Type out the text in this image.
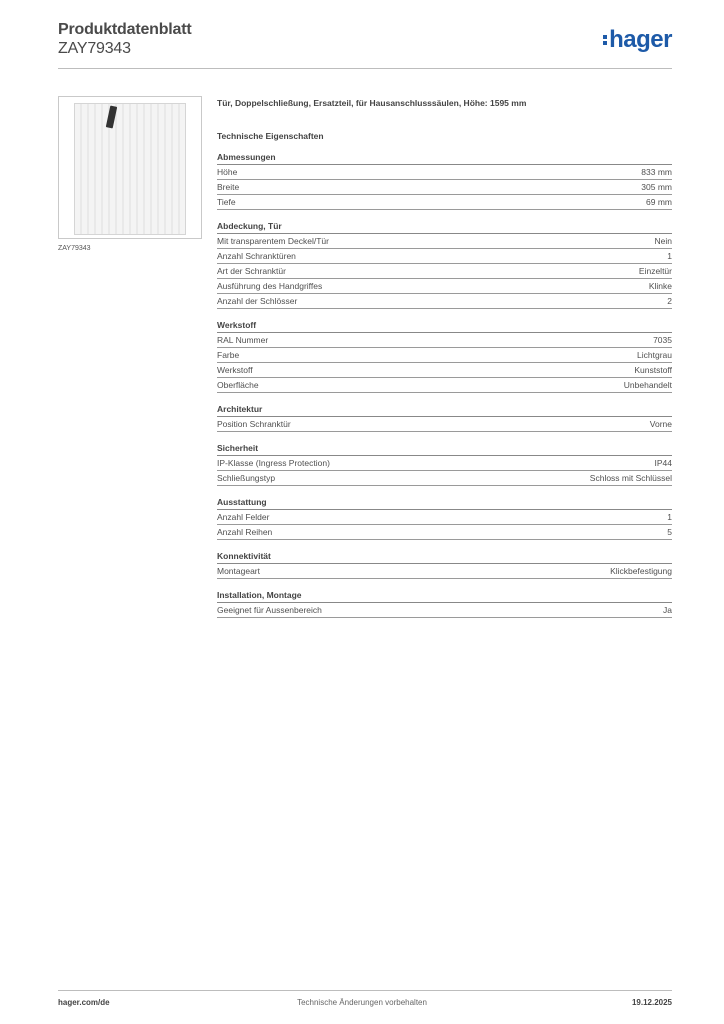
Produktdatenblatt
ZAY79343	hager
ZAY79343
Tür, Doppelschließung, Ersatzteil, für Hausanschlusssäulen, Höhe: 1595 mm
Technische Eigenschaften
Abmessungen
Höhe	833 mm
Breite	305 mm
Tiefe	69 mm
Abdeckung, Tür
Mit transparentem Deckel/Tür	Nein
Anzahl Schranktüren	1
Art der Schranktür	Einzeltür
Ausführung des Handgriffes	Klinke
Anzahl der Schlösser	2
Werkstoff
RAL Nummer	7035
Farbe	Lichtgrau
Werkstoff	Kunststoff
Oberfläche	Unbehandelt
Architektur
Position Schranktür	Vorne
Sicherheit
IP-Klasse (Ingress Protection)	IP44
Schließungstyp	Schloss mit Schlüssel
Ausstattung
Anzahl Felder	1
Anzahl Reihen	5
Konnektivität
Montageart	Klickbefestigung
Installation, Montage
Geeignet für Aussenbereich	Ja
hager.com/de	Technische Änderungen vorbehalten	19.12.2025
